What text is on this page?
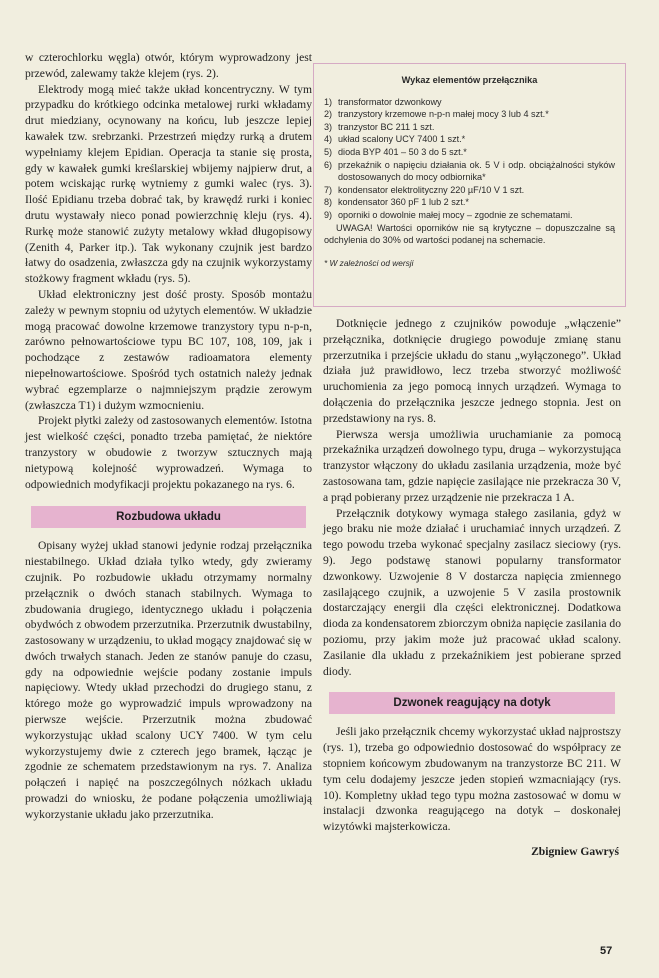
w czterochlorku węgla) otwór, którym wyprowadzony jest przewód, zalewamy także klejem (rys. 2).

Elektrody mogą mieć także układ koncentryczny. W tym przypadku do krótkiego odcinka metalowej rurki wkładamy drut miedziany, ocynowany na końcu, lub jeszcze lepiej kawałek tzw. srebrzanki. Przestrzeń między rurką a drutem wypełniamy klejem Epidian. Operacja ta stanie się prosta, gdy w kawałek gumki kreślarskiej wbijemy najpierw drut, a potem wciskając rurkę wytniemy z gumki walec (rys. 3). Ilość Epidianu trzeba dobrać tak, by krawędź rurki i koniec drutu wystawały nieco ponad powierzchnię kleju (rys. 4). Rurkę może stanowić zużyty metalowy wkład długopisowy (Zenith 4, Parker itp.). Tak wykonany czujnik jest bardzo łatwy do osadzenia, zwłaszcza gdy na czujnik wykorzystamy stożkowy fragment wkładu (rys. 5).

Układ elektroniczny jest dość prosty. Sposób montażu zależy w pewnym stopniu od użytych elementów. W układzie mogą pracować dowolne krzemowe tranzystory typu n-p-n, zarówno pełnowartościowe typu BC 107, 108, 109, jak i pochodzące z zestawów radioamatora elementy niepełnowartościowe. Spośród tych ostatnich należy jednak wybrać egzemplarze o najmniejszym prądzie zerowym (zwłaszcza T1) i dużym wzmocnieniu.

Projekt płytki zależy od zastosowanych elementów. Istotna jest wielkość części, ponadto trzeba pamiętać, że niektóre tranzystory w obudowie z tworzyw sztucznych mają nietypową kolejność wyprowadzeń. Wymaga to odpowiednich modyfikacji projektu pokazanego na rys. 6.

Rozbudowa układu

Opisany wyżej układ stanowi jedynie rodzaj przełącznika niestabilnego. Układ działa tylko wtedy, gdy zwieramy czujnik. Po rozbudowie układu otrzymamy normalny przełącznik o dwóch stanach stabilnych. Wymaga to zbudowania drugiego, identycznego układu i połączenia obydwóch z obwodem przerzutnika. Przerzutnik dwustabilny, zastosowany w urządzeniu, to układ mogący znajdować się w dwóch trwałych stanach. Jeden ze stanów panuje do czasu, gdy na odpowiednie wejście podany zostanie impuls napięciowy. Wtedy układ przechodzi do drugiego stanu, z którego może go wyprowadzić impuls wprowadzony na pierwsze wejście. Przerzutnik można zbudować wykorzystując układ scalony UCY 7400. W tym celu wykorzystujemy dwie z czterech jego bramek, łącząc je zgodnie ze schematem przedstawionym na rys. 7. Analiza połączeń i napięć na poszczególnych nóżkach układu prowadzi do wniosku, że podane połączenia umożliwiają wykorzystanie układu jako przerzutnika.

Wykaz elementów przełącznika
1) transformator dzwonkowy
2) tranzystory krzemowe n-p-n małej mocy 3 lub 4 szt.*
3) tranzystor BC 211 1 szt.
4) układ scalony UCY 7400 1 szt.*
5) dioda BYP 401 – 50 3 do 5 szt.*
6) przekaźnik o napięciu działania ok. 5 V i odp. obciążalności styków dostosowanych do mocy odbiornika*
7) kondensator elektrolityczny 220 µF/10 V 1 szt.
8) kondensator 360 pF 1 lub 2 szt.*
9) oporniki o dowolnie małej mocy – zgodnie ze schematami.
UWAGA! Wartości oporników nie są krytyczne – dopuszczalne są odchylenia do 30% od wartości podanej na schemacie.
* W zależności od wersji

Dotknięcie jednego z czujników powoduje „włączenie” przełącznika, dotknięcie drugiego powoduje zmianę stanu przerzutnika i przejście układu do stanu „wyłączonego”. Układ działa już prawidłowo, lecz trzeba stworzyć możliwość uruchomienia za jego pomocą innych urządzeń. Wymaga to dołączenia do przełącznika jeszcze jednego stopnia. Jest on przedstawiony na rys. 8.

Pierwsza wersja umożliwia uruchamianie za pomocą przekaźnika urządzeń dowolnego typu, druga – wykorzystująca tranzystor włączony do układu zasilania urządzenia, może być zastosowana tam, gdzie napięcie zasilające nie przekracza 30 V, a prąd pobierany przez urządzenie nie przekracza 1 A.

Przełącznik dotykowy wymaga stałego zasilania, gdyż w jego braku nie może działać i uruchamiać innych urządzeń. Z tego powodu trzeba wykonać specjalny zasilacz sieciowy (rys. 9). Jego podstawę stanowi popularny transformator dzwonkowy. Uzwojenie 8 V dostarcza napięcia zmiennego zasilającego czujnik, a uzwojenie 5 V zasila prostownik dostarczający energii dla części elektronicznej. Dodatkowa dioda za kondensatorem zbiorczym obniża napięcie zasilania do poziomu, przy jakim może już pracować układ scalony. Zasilanie dla układu z przekaźnikiem jest pobierane sprzed diody.

Dzwonek reagujący na dotyk

Jeśli jako przełącznik chcemy wykorzystać układ najprostszy (rys. 1), trzeba go odpowiednio dostosować do współpracy ze stopniem końcowym zbudowanym na tranzystorze BC 211. W tym celu dodajemy jeszcze jeden stopień wzmacniający (rys. 10). Kompletny układ tego typu można zastosować w domu w instalacji dzwonka reagującego na dotyk – doskonałej wizytówki majsterkowicza.

Zbigniew Gawryś
57
